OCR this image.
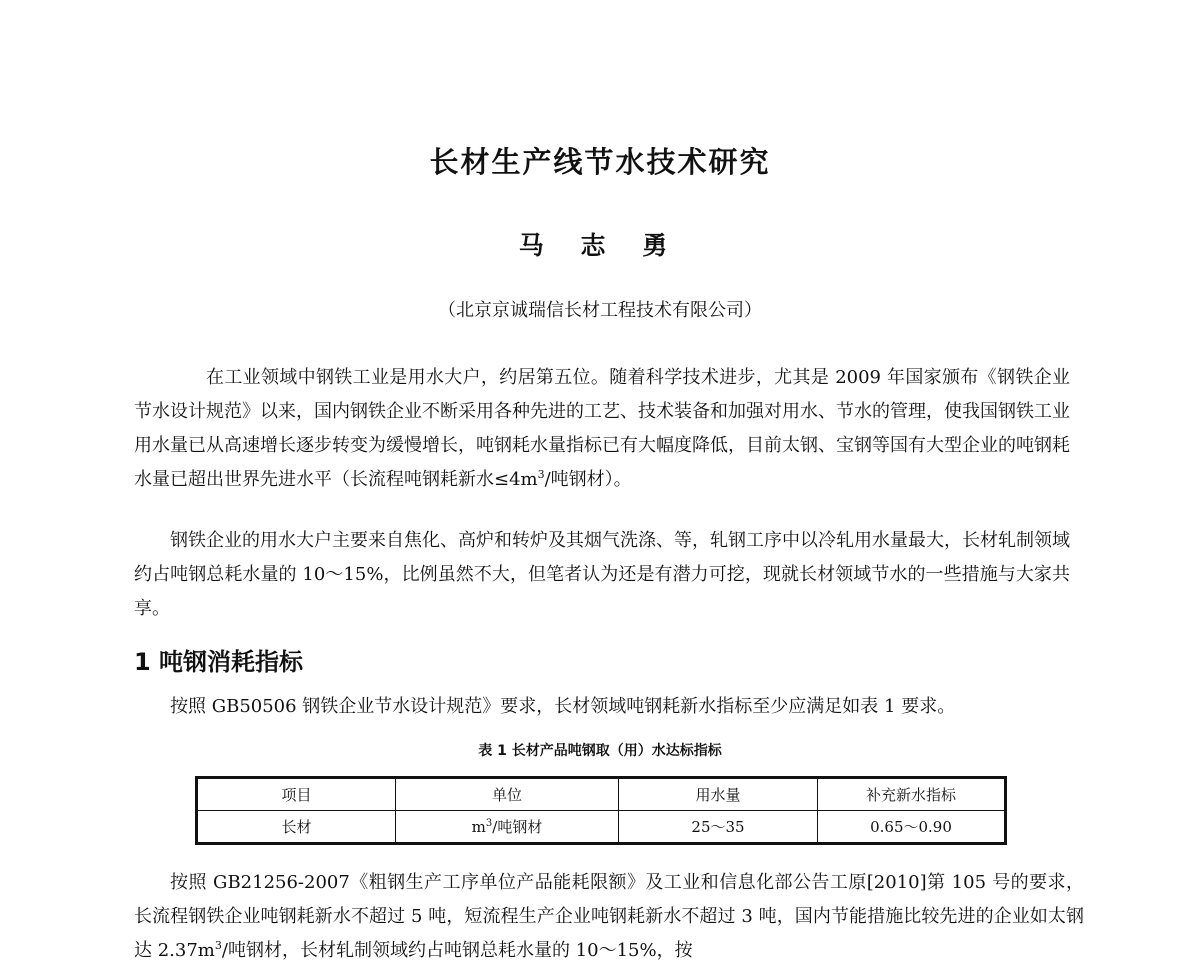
长材生产线节水技术研究
马 志 勇
（北京京诚瑞信长材工程技术有限公司）

在工业领域中钢铁工业是用水大户，约居第五位。随着科学技术进步，尤其是 2009 年国家颁布《钢铁企业节水设计规范》以来，国内钢铁企业不断采用各种先进的工艺、技术装备和加强对用水、节水的管理，使我国钢铁工业用水量已从高速增长逐步转变为缓慢增长，吨钢耗水量指标已有大幅度降低，目前太钢、宝钢等国有大型企业的吨钢耗水量已超出世界先进水平（长流程吨钢耗新水$\le 4m^3/$吨钢材）。

钢铁企业的用水大户主要来自焦化、高炉和转炉及其烟气洗涤、等，轧钢工序中以冷轧用水量最大，长材轧制领域约占吨钢总耗水量的 10～15%，比例虽然不大，但笔者认为还是有潜力可挖，现就长材领域节水的一些措施与大家共享。

1 吨钢消耗指标

按照 GB50506 钢铁企业节水设计规范》要求，长材领域吨钢耗新水指标至少应满足如表 1 要求。

表 1 长材产品吨钢取（用）水达标指标
项目	单位	用水量	补充新水指标
长材	$m^3/$吨钢材	25～35	0.65～0.90

按照 GB21256-2007《粗钢生产工序单位产品能耗限额》及工业和信息化部公告工原[2010]第 105 号的要求，长流程钢铁企业吨钢耗新水不超过 5 吨，短流程生产企业吨钢耗新水不超过 3 吨，国内节能措施比较先进的企业如太钢达 $2.37m^3/$吨钢材，长材轧制领域约占吨钢总耗水量的 10～15%，按
